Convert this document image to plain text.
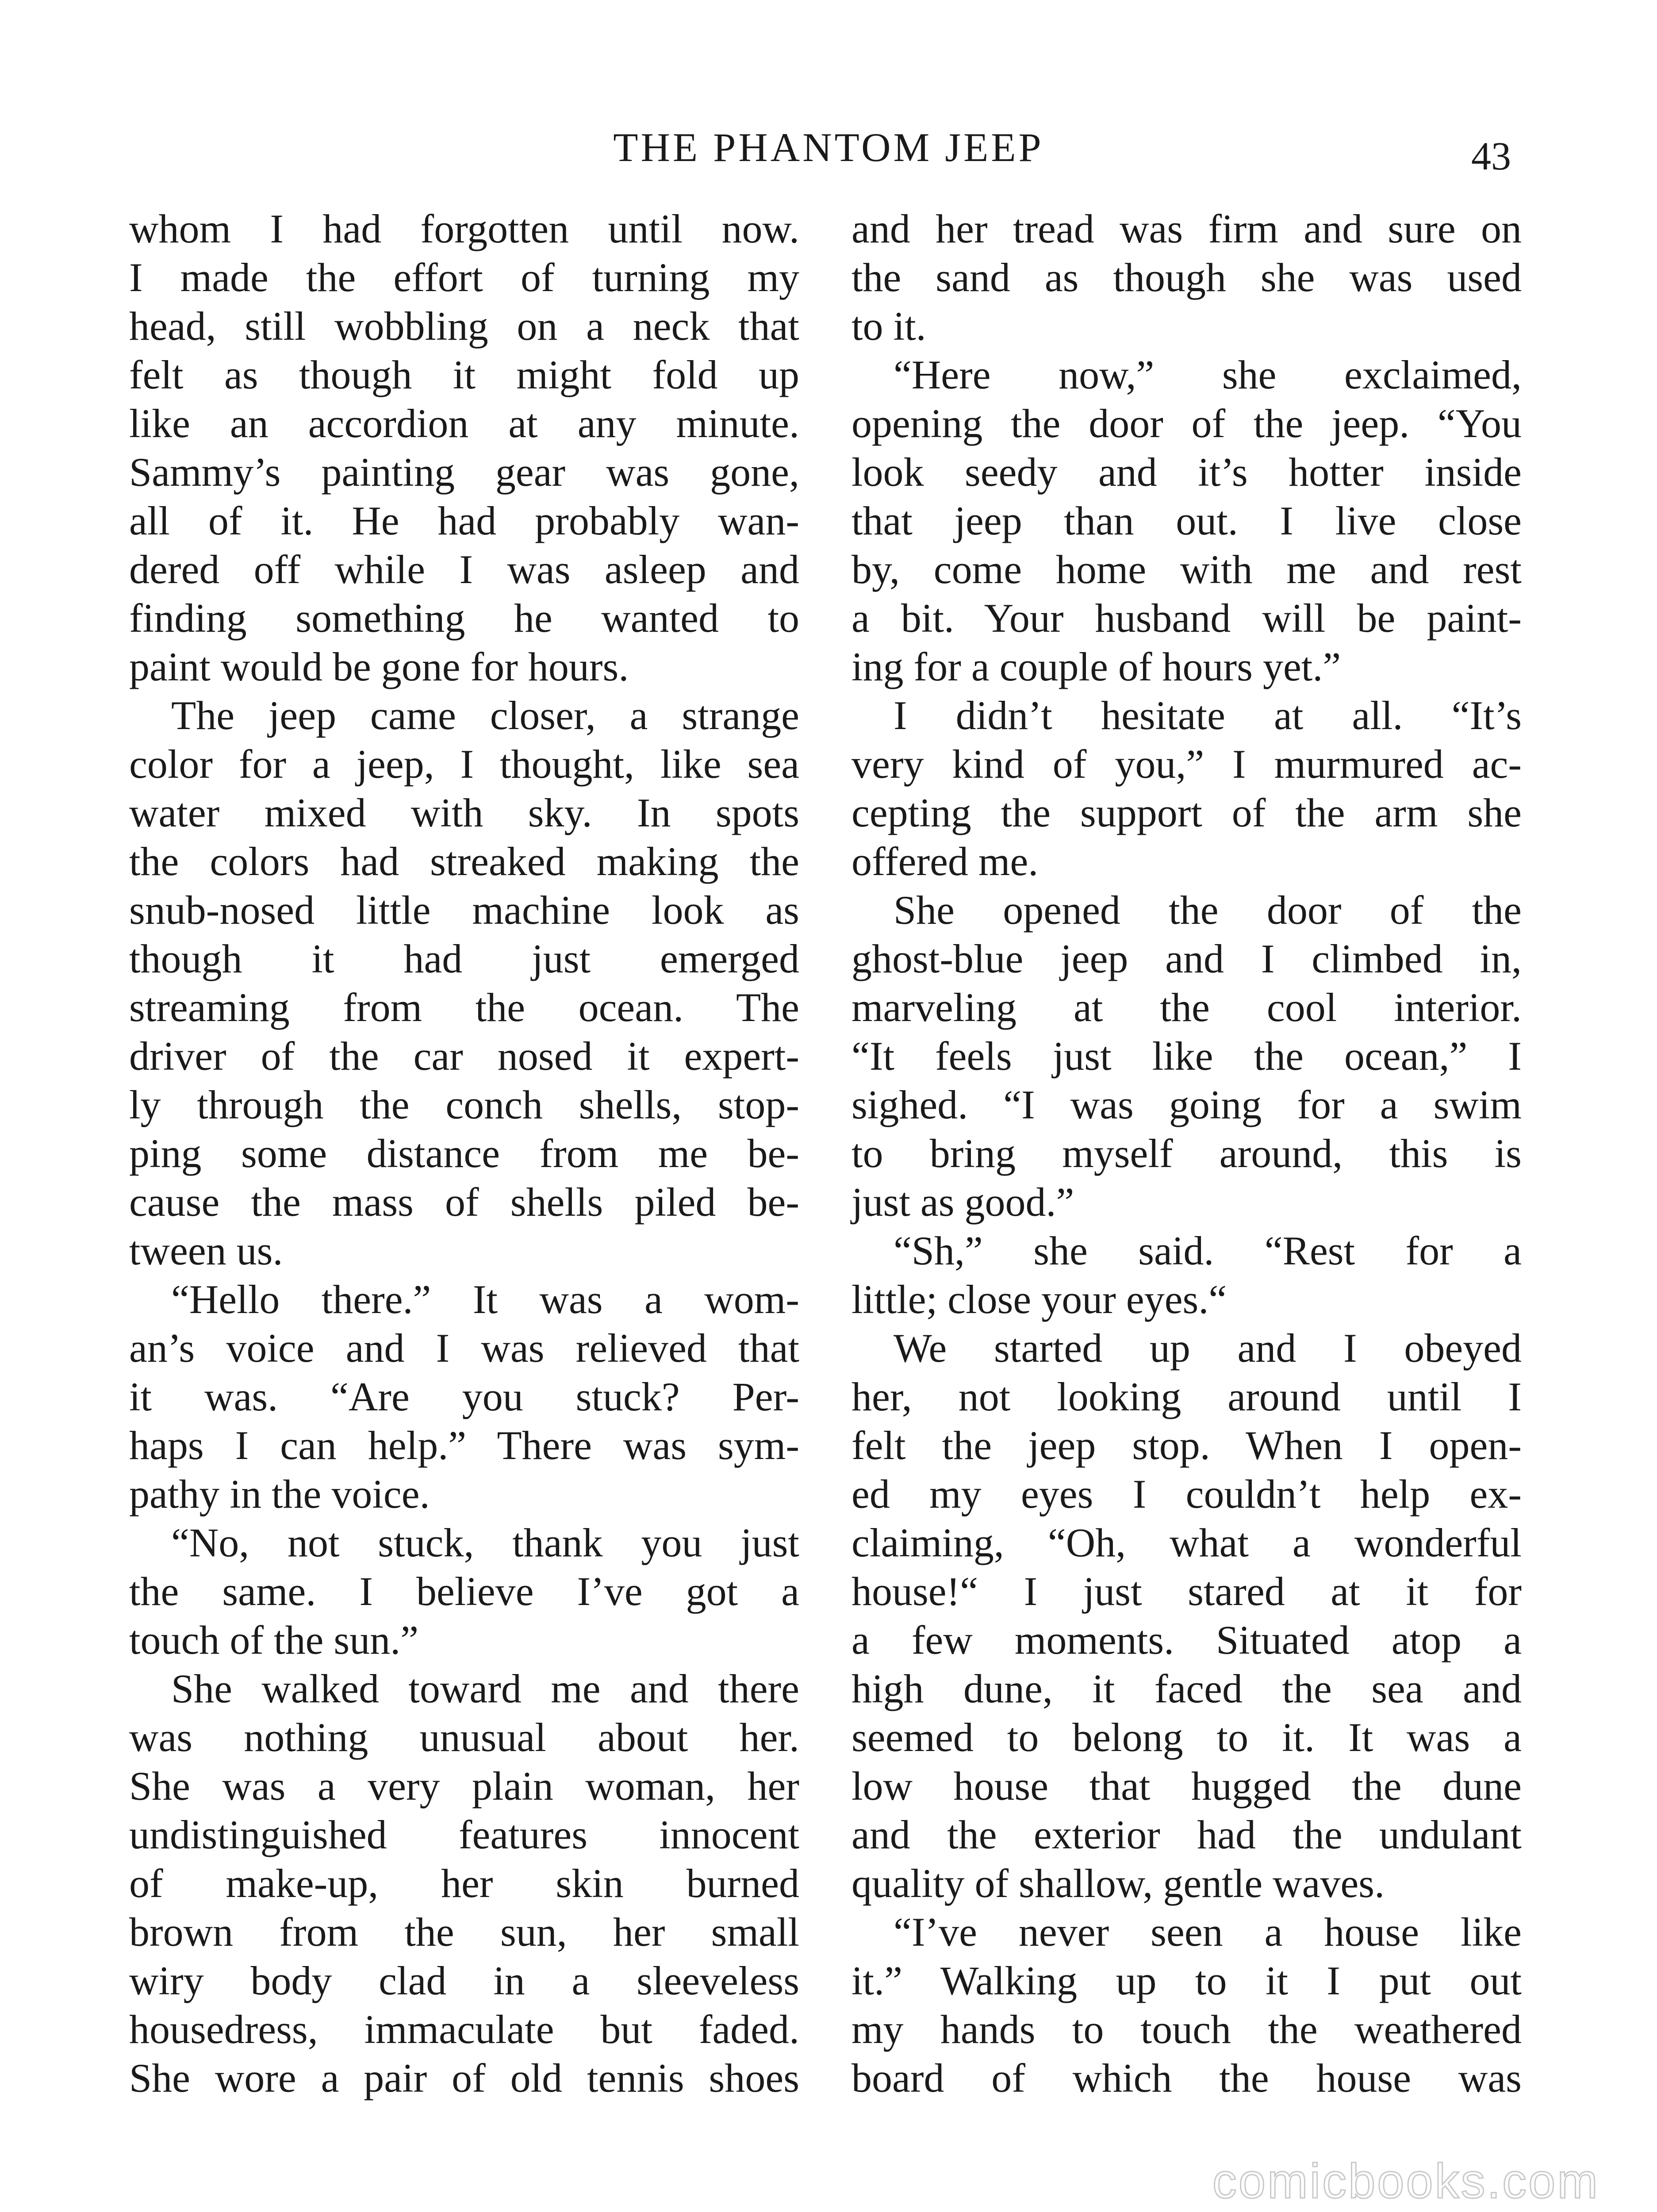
THE PHANTOM JEEP	43
whom I had forgotten until now.
I made the effort of turning my
head, still wobbling on a neck that
felt as though it might fold up
like an accordion at any minute.
Sammy’s painting gear was gone,
all of it. He had probably wan-
dered off while I was asleep and
finding something he wanted to
paint would be gone for hours.
The jeep came closer, a strange
color for a jeep, I thought, like sea
water mixed with sky. In spots
the colors had streaked making the
snub-nosed little machine look as
though it had just emerged
streaming from the ocean. The
driver of the car nosed it expert-
ly through the conch shells, stop-
ping some distance from me be-
cause the mass of shells piled be-
tween us.
“Hello there.” It was a wom-
an’s voice and I was relieved that
it was. “Are you stuck? Per-
haps I can help.” There was sym-
pathy in the voice.
“No, not stuck, thank you just
the same. I believe I’ve got a
touch of the sun.”
She walked toward me and there
was nothing unusual about her.
She was a very plain woman, her
undistinguished features innocent
of make-up, her skin burned
brown from the sun, her small
wiry body clad in a sleeveless
housedress, immaculate but faded.
She wore a pair of old tennis shoes
and her tread was firm and sure on
the sand as though she was used
to it.
“Here now,” she exclaimed,
opening the door of the jeep. “You
look seedy and it’s hotter inside
that jeep than out. I live close
by, come home with me and rest
a bit. Your husband will be paint-
ing for a couple of hours yet.”
I didn’t hesitate at all. “It’s
very kind of you,” I murmured ac-
cepting the support of the arm she
offered me.
She opened the door of the
ghost-blue jeep and I climbed in,
marveling at the cool interior.
“It feels just like the ocean,” I
sighed. “I was going for a swim
to bring myself around, this is
just as good.”
“Sh,” she said. “Rest for a
little; close your eyes.“
We started up and I obeyed
her, not looking around until I
felt the jeep stop. When I open-
ed my eyes I couldn’t help ex-
claiming, “Oh, what a wonderful
house!“ I just stared at it for
a few moments. Situated atop a
high dune, it faced the sea and
seemed to belong to it. It was a
low house that hugged the dune
and the exterior had the undulant
quality of shallow, gentle waves.
“I’ve never seen a house like
it.” Walking up to it I put out
my hands to touch the weathered
board of which the house was
comicbooks.com
